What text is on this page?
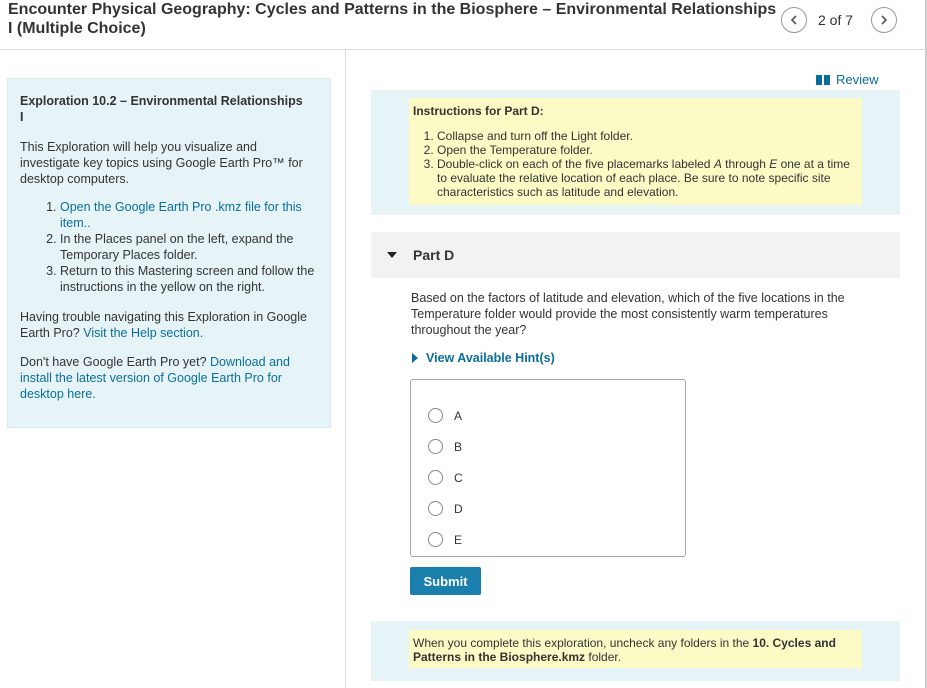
Encounter Physical Geography: Cycles and Patterns in the Biosphere – Environmental Relationships I (Multiple Choice)	2 of 7
Exploration 10.2 – Environmental Relationships
I
This Exploration will help you visualize and investigate key topics using Google Earth Pro™ for desktop computers.
1. Open the Google Earth Pro .kmz file for this item..
2. In the Places panel on the left, expand the Temporary Places folder.
3. Return to this Mastering screen and follow the instructions in the yellow on the right.
Having trouble navigating this Exploration in Google Earth Pro? Visit the Help section.
Don't have Google Earth Pro yet? Download and install the latest version of Google Earth Pro for desktop here.
Review
Instructions for Part D:
1. Collapse and turn off the Light folder.
2. Open the Temperature folder.
3. Double-click on each of the five placemarks labeled A through E one at a time to evaluate the relative location of each place. Be sure to note specific site characteristics such as latitude and elevation.
Part D
Based on the factors of latitude and elevation, which of the five locations in the Temperature folder would provide the most consistently warm temperatures throughout the year?
View Available Hint(s)
A
B
C
D
E
Submit
When you complete this exploration, uncheck any folders in the 10. Cycles and Patterns in the Biosphere.kmz folder.
